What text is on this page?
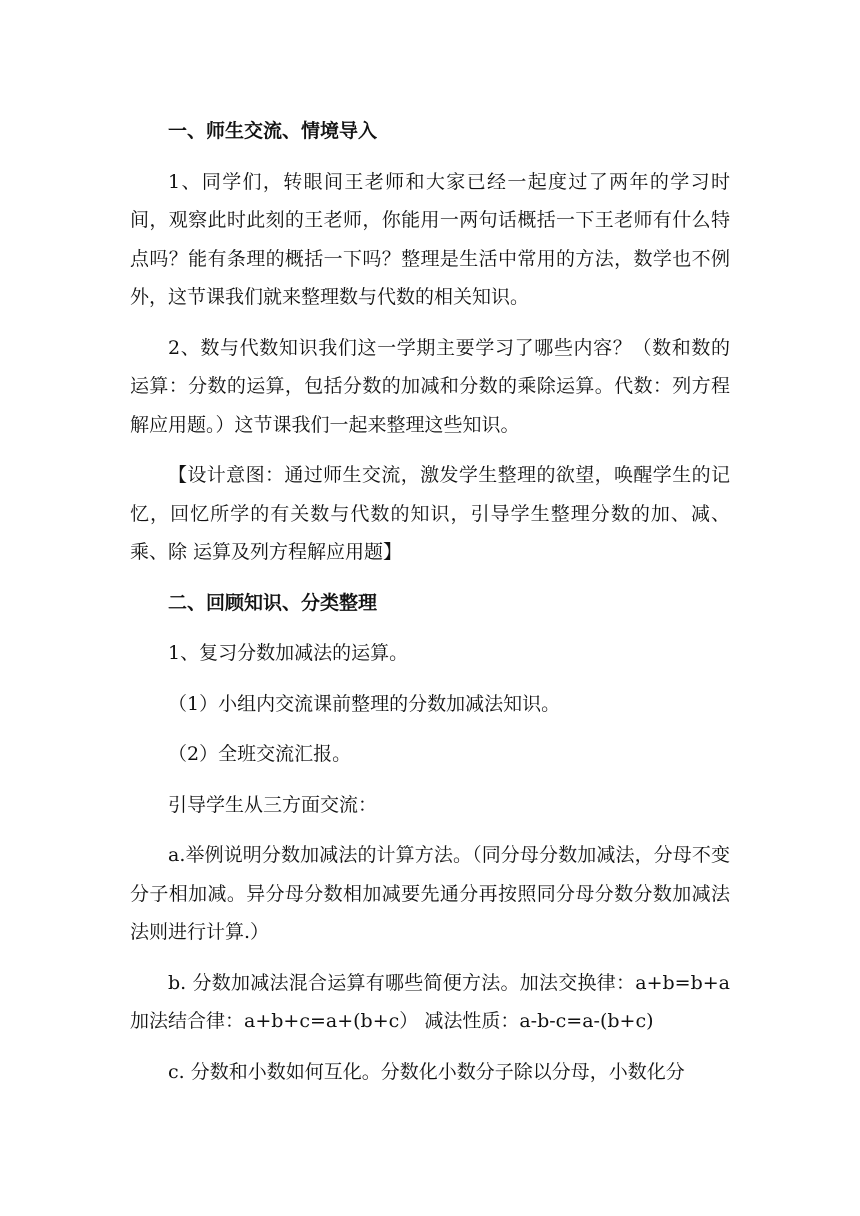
一、师生交流、情境导入

1、同学们，转眼间王老师和大家已经一起度过了两年的学习时间，观察此时此刻的王老师，你能用一两句话概括一下王老师有什么特点吗？能有条理的概括一下吗？整理是生活中常用的方法，数学也不例外，这节课我们就来整理数与代数的相关知识。

2、数与代数知识我们这一学期主要学习了哪些内容？（数和数的运算：分数的运算，包括分数的加减和分数的乘除运算。代数：列方程解应用题。）这节课我们一起来整理这些知识。

【设计意图：通过师生交流，激发学生整理的欲望，唤醒学生的记忆，回忆所学的有关数与代数的知识，引导学生整理分数的加、减、乘、除 运算及列方程解应用题】

二、回顾知识、分类整理

1、复习分数加减法的运算。

（1）小组内交流课前整理的分数加减法知识。

（2）全班交流汇报。

引导学生从三方面交流：

a.举例说明分数加减法的计算方法。（同分母分数加减法，分母不变分子相加减。异分母分数相加减要先通分再按照同分母分数分数加减法法则进行计算.）

b. 分数加减法混合运算有哪些简便方法。加法交换律：a+b=b+a 加法结合律：a+b+c=a+(b+c） 减法性质：a-b-c=a-(b+c)

c. 分数和小数如何互化。分数化小数分子除以分母，小数化分
